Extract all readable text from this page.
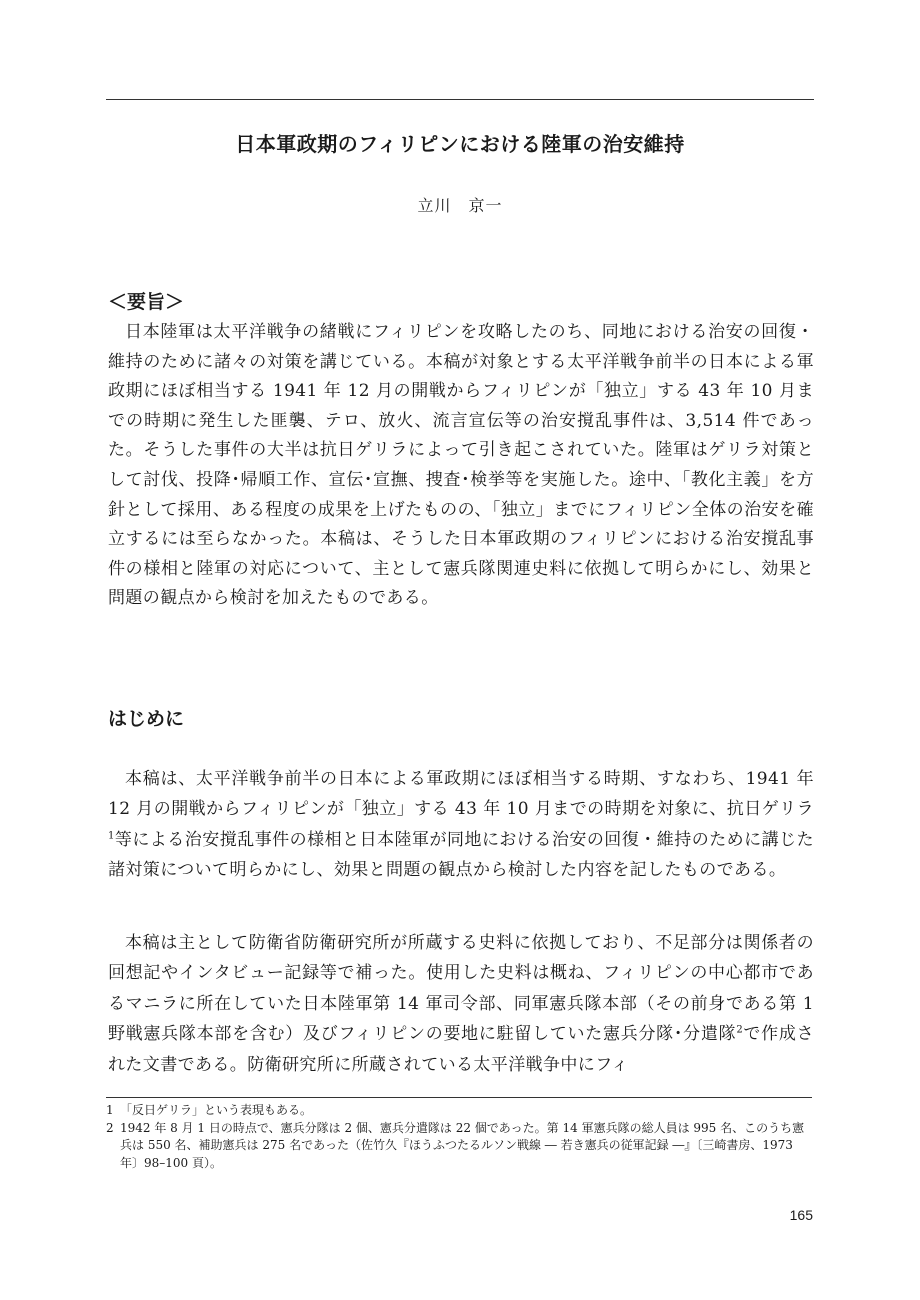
日本軍政期のフィリピンにおける陸軍の治安維持
立川　京一
＜要旨＞

日本陸軍は太平洋戦争の緒戦にフィリピンを攻略したのち、同地における治安の回復・維持のために諸々の対策を講じている。本稿が対象とする太平洋戦争前半の日本による軍政期にほぼ相当する 1941 年 12 月の開戦からフィリピンが「独立」する 43 年 10 月までの時期に発生した匪襲、テロ、放火、流言宣伝等の治安撹乱事件は、3,514 件であった。そうした事件の大半は抗日ゲリラによって引き起こされていた。陸軍はゲリラ対策として討伐、投降･帰順工作、宣伝･宣撫、捜査･検挙等を実施した。途中、「教化主義」を方針として採用、ある程度の成果を上げたものの、「独立」までにフィリピン全体の治安を確立するには至らなかった。本稿は、そうした日本軍政期のフィリピンにおける治安撹乱事件の様相と陸軍の対応について、主として憲兵隊関連史料に依拠して明らかにし、効果と問題の観点から検討を加えたものである。

はじめに

本稿は、太平洋戦争前半の日本による軍政期にほぼ相当する時期、すなわち、1941 年 12 月の開戦からフィリピンが「独立」する 43 年 10 月までの時期を対象に、抗日ゲリラ$^1$等による治安撹乱事件の様相と日本陸軍が同地における治安の回復・維持のために講じた諸対策について明らかにし、効果と問題の観点から検討した内容を記したものである。

本稿は主として防衛省防衛研究所が所蔵する史料に依拠しており、不足部分は関係者の回想記やインタビュー記録等で補った。使用した史料は概ね、フィリピンの中心都市であるマニラに所在していた日本陸軍第 14 軍司令部、同軍憲兵隊本部（その前身である第 1 野戦憲兵隊本部を含む）及びフィリピンの要地に駐留していた憲兵分隊･分遣隊$^2$で作成された文書である。防衛研究所に所蔵されている太平洋戦争中にフィ

1 「反日ゲリラ」という表現もある。
2 1942 年 8 月 1 日の時点で、憲兵分隊は 2 個、憲兵分遣隊は 22 個であった。第 14 軍憲兵隊の総人員は 995 名、このうち憲兵は 550 名、補助憲兵は 275 名であった（佐竹久『ほうふつたるルソン戦線 ― 若き憲兵の従軍記録 ―』〔三崎書房、1973 年〕98–100 頁）。
165
